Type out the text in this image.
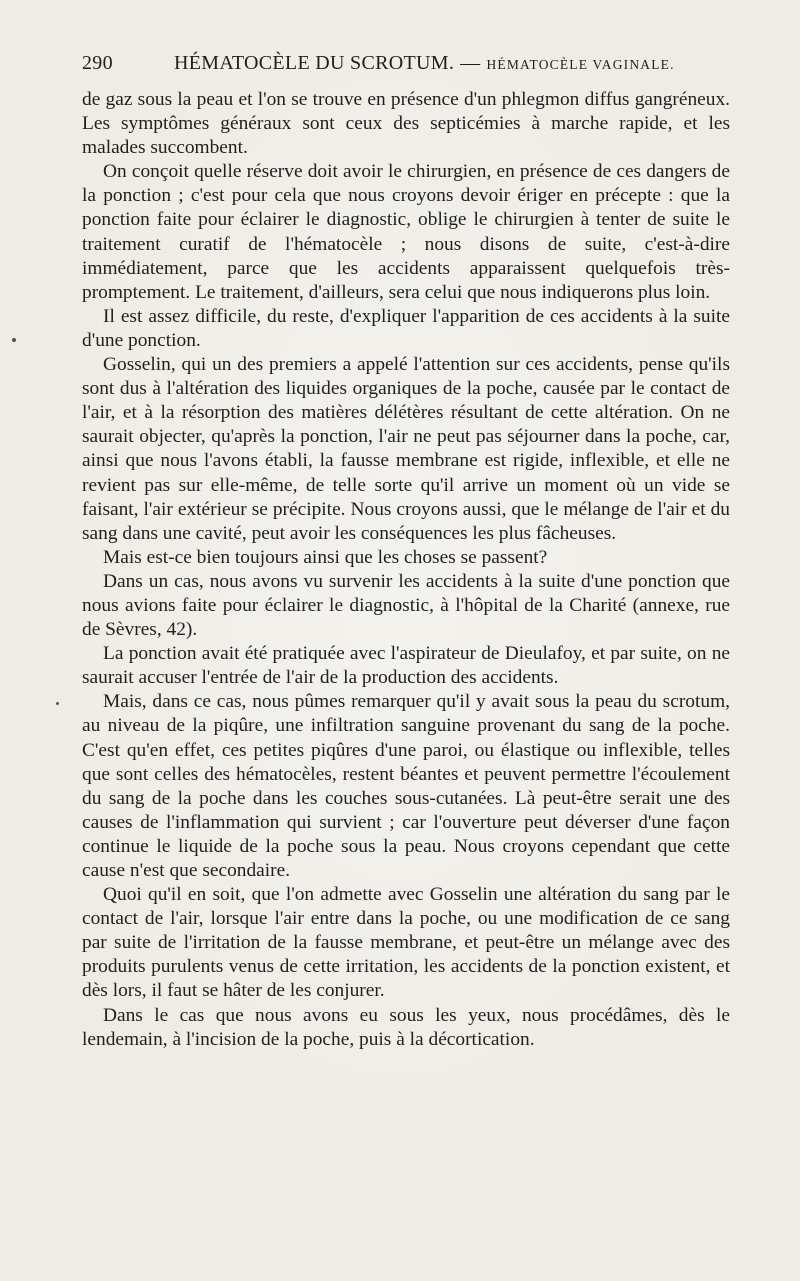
290	HÉMATOCÈLE DU SCROTUM. — HÉMATOCÈLE VAGINALE.

de gaz sous la peau et l'on se trouve en présence d'un phlegmon diffus gangréneux. Les symptômes généraux sont ceux des septicémies à marche rapide, et les malades succombent.

On conçoit quelle réserve doit avoir le chirurgien, en présence de ces dangers de la ponction ; c'est pour cela que nous croyons devoir ériger en précepte : que la ponction faite pour éclairer le diagnostic, oblige le chirurgien à tenter de suite le traitement curatif de l'hématocèle ; nous disons de suite, c'est-à-dire immédiatement, parce que les accidents apparaissent quelquefois très-promptement. Le traitement, d'ailleurs, sera celui que nous indiquerons plus loin.

Il est assez difficile, du reste, d'expliquer l'apparition de ces accidents à la suite d'une ponction.

Gosselin, qui un des premiers a appelé l'attention sur ces accidents, pense qu'ils sont dus à l'altération des liquides organiques de la poche, causée par le contact de l'air, et à la résorption des matières délétères résultant de cette altération. On ne saurait objecter, qu'après la ponction, l'air ne peut pas séjourner dans la poche, car, ainsi que nous l'avons établi, la fausse membrane est rigide, inflexible, et elle ne revient pas sur elle-même, de telle sorte qu'il arrive un moment où un vide se faisant, l'air extérieur se précipite. Nous croyons aussi, que le mélange de l'air et du sang dans une cavité, peut avoir les conséquences les plus fâcheuses.

Mais est-ce bien toujours ainsi que les choses se passent?

Dans un cas, nous avons vu survenir les accidents à la suite d'une ponction que nous avions faite pour éclairer le diagnostic, à l'hôpital de la Charité (annexe, rue de Sèvres, 42).

La ponction avait été pratiquée avec l'aspirateur de Dieulafoy, et par suite, on ne saurait accuser l'entrée de l'air de la production des accidents.

Mais, dans ce cas, nous pûmes remarquer qu'il y avait sous la peau du scrotum, au niveau de la piqûre, une infiltration sanguine provenant du sang de la poche. C'est qu'en effet, ces petites piqûres d'une paroi, ou élastique ou inflexible, telles que sont celles des hématocèles, restent béantes et peuvent permettre l'écoulement du sang de la poche dans les couches sous-cutanées. Là peut-être serait une des causes de l'inflammation qui survient ; car l'ouverture peut déverser d'une façon continue le liquide de la poche sous la peau. Nous croyons cependant que cette cause n'est que secondaire.

Quoi qu'il en soit, que l'on admette avec Gosselin une altération du sang par le contact de l'air, lorsque l'air entre dans la poche, ou une modification de ce sang par suite de l'irritation de la fausse membrane, et peut-être un mélange avec des produits purulents venus de cette irritation, les accidents de la ponction existent, et dès lors, il faut se hâter de les conjurer.

Dans le cas que nous avons eu sous les yeux, nous procédâmes, dès le lendemain, à l'incision de la poche, puis à la décortication.
